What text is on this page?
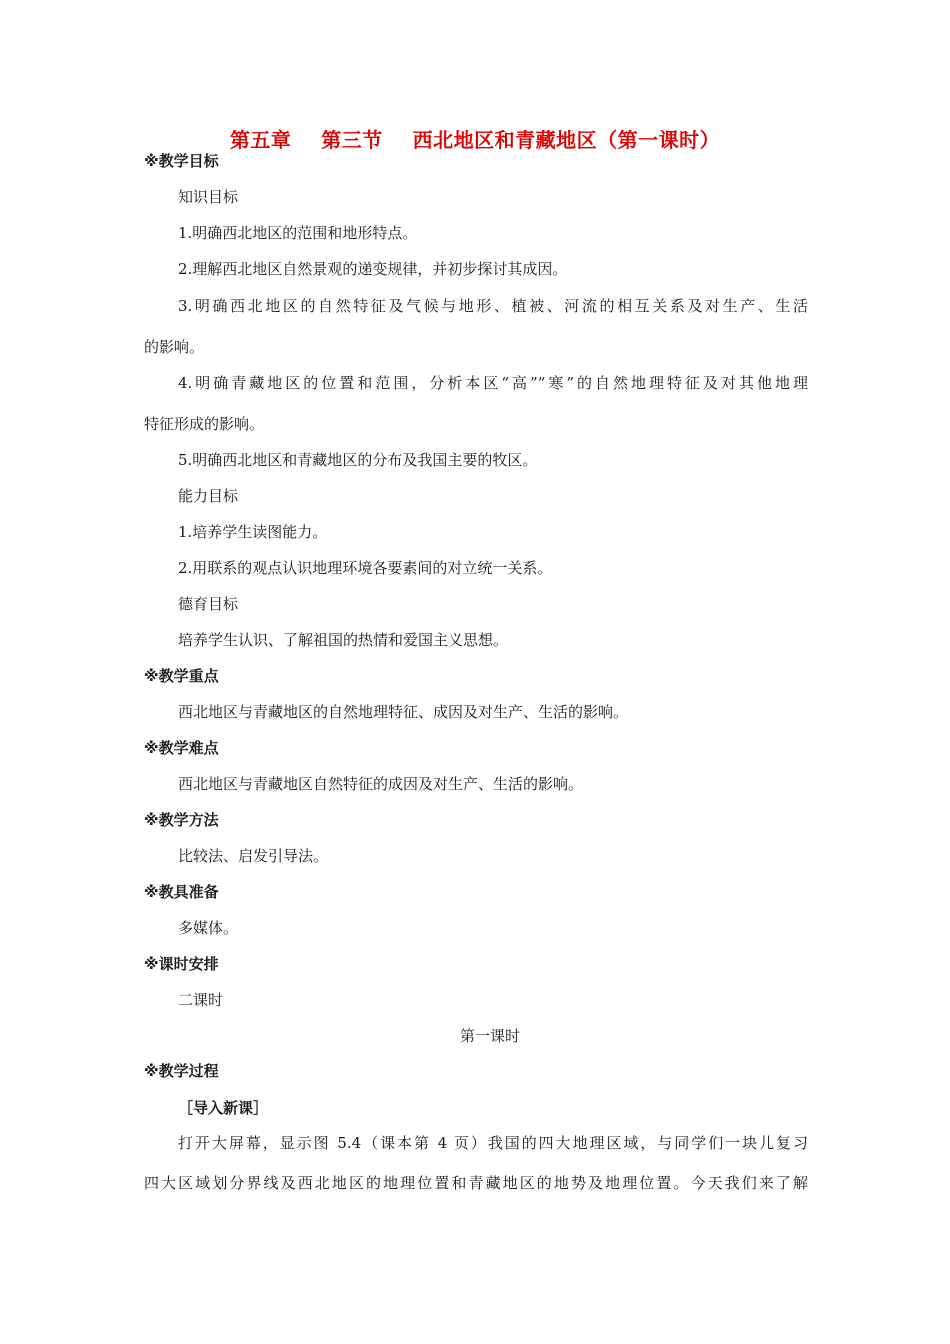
第五章    第三节    西北地区和青藏地区（第一课时）
※教学目标
知识目标
1.明确西北地区的范围和地形特点。
2.理解西北地区自然景观的递变规律，并初步探讨其成因。
3.明确西北地区的自然特征及气候与地形、植被、河流的相互关系及对生产、生活
的影响。
4.明确青藏地区的位置和范围，分析本区“高”“寒”的自然地理特征及对其他地理
特征形成的影响。
5.明确西北地区和青藏地区的分布及我国主要的牧区。
能力目标
1.培养学生读图能力。
2.用联系的观点认识地理环境各要素间的对立统一关系。
德育目标
培养学生认识、了解祖国的热情和爱国主义思想。
※教学重点
西北地区与青藏地区的自然地理特征、成因及对生产、生活的影响。
※教学难点
西北地区与青藏地区自然特征的成因及对生产、生活的影响。
※教学方法
比较法、启发引导法。
※教具准备
多媒体。
※课时安排
二课时
第一课时
※教学过程
［导入新课］
打开大屏幕，显示图 5.4（课本第 4 页）我国的四大地理区域，与同学们一块儿复习
四大区域划分界线及西北地区的地理位置和青藏地区的地势及地理位置。今天我们来了解
